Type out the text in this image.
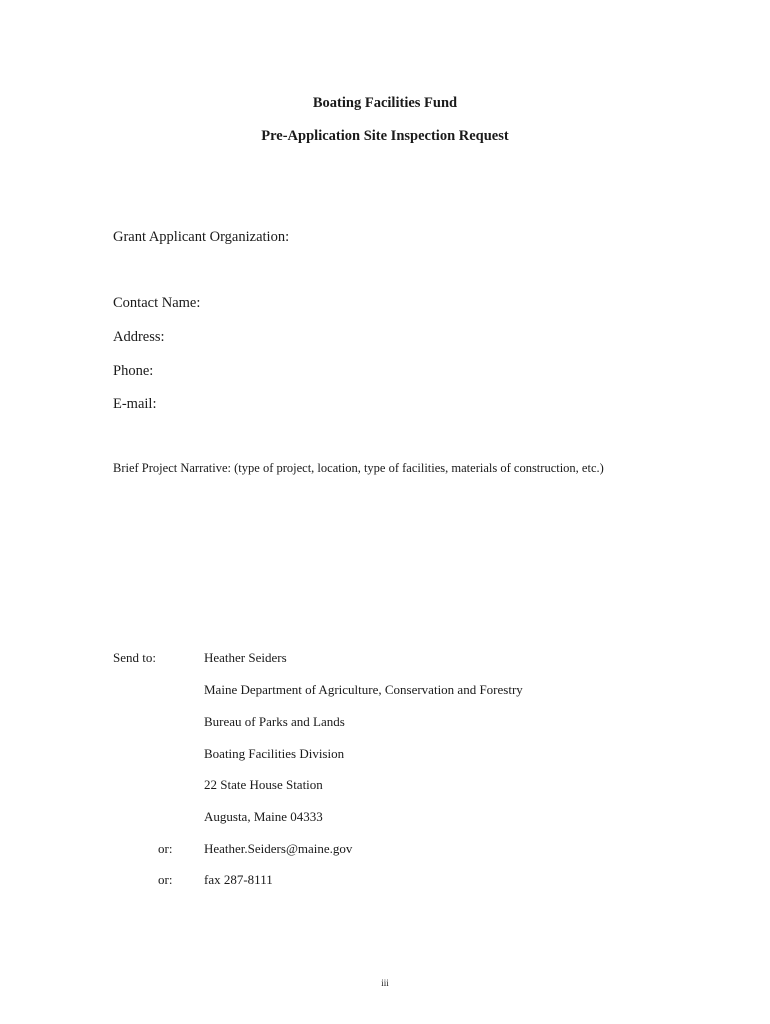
Boating Facilities Fund
Pre-Application Site Inspection Request
Grant Applicant Organization:
Contact Name:
Address:
Phone:
E-mail:
Brief Project Narrative: (type of project, location, type of facilities, materials of construction, etc.)
Send to:	Heather Seiders
Maine Department of Agriculture, Conservation and Forestry
Bureau of Parks and Lands
Boating Facilities Division
22 State House Station
Augusta, Maine 04333
or: Heather.Seiders@maine.gov
or: fax 287-8111
iii
